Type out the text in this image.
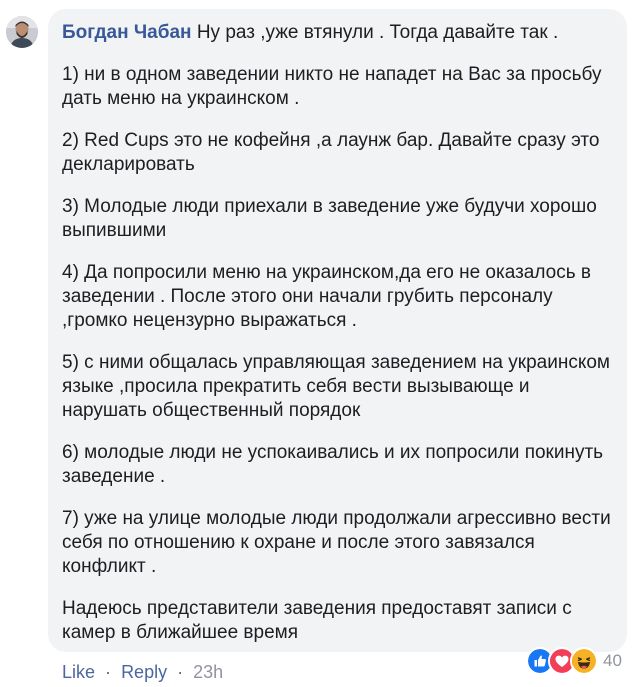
Богдан Чабан Ну раз ,уже втянули . Тогда давайте так .

1) ни в одном заведении никто не нападет на Вас за просьбу дать меню на украинском .

2) Red Cups это не кофейня ,а лаунж бар. Давайте сразу это декларировать

3) Молодые люди приехали в заведение уже будучи хорошо выпившими

4) Да попросили меню на украинском,да его не оказалось в заведении . После этого они начали грубить персоналу ,громко нецензурно выражаться .

5) с ними общалась управляющая заведением на украинском языке ,просила прекратить себя вести вызывающе и нарушать общественный порядок

6) молодые люди не успокаивались и их попросили покинуть заведение .

7) уже на улице молодые люди продолжали агрессивно вести себя по отношению к охране и после этого завязался конфликт .

Надеюсь представители заведения предоставят записи с камер в ближайшее время

Like · Reply · 23h
40
